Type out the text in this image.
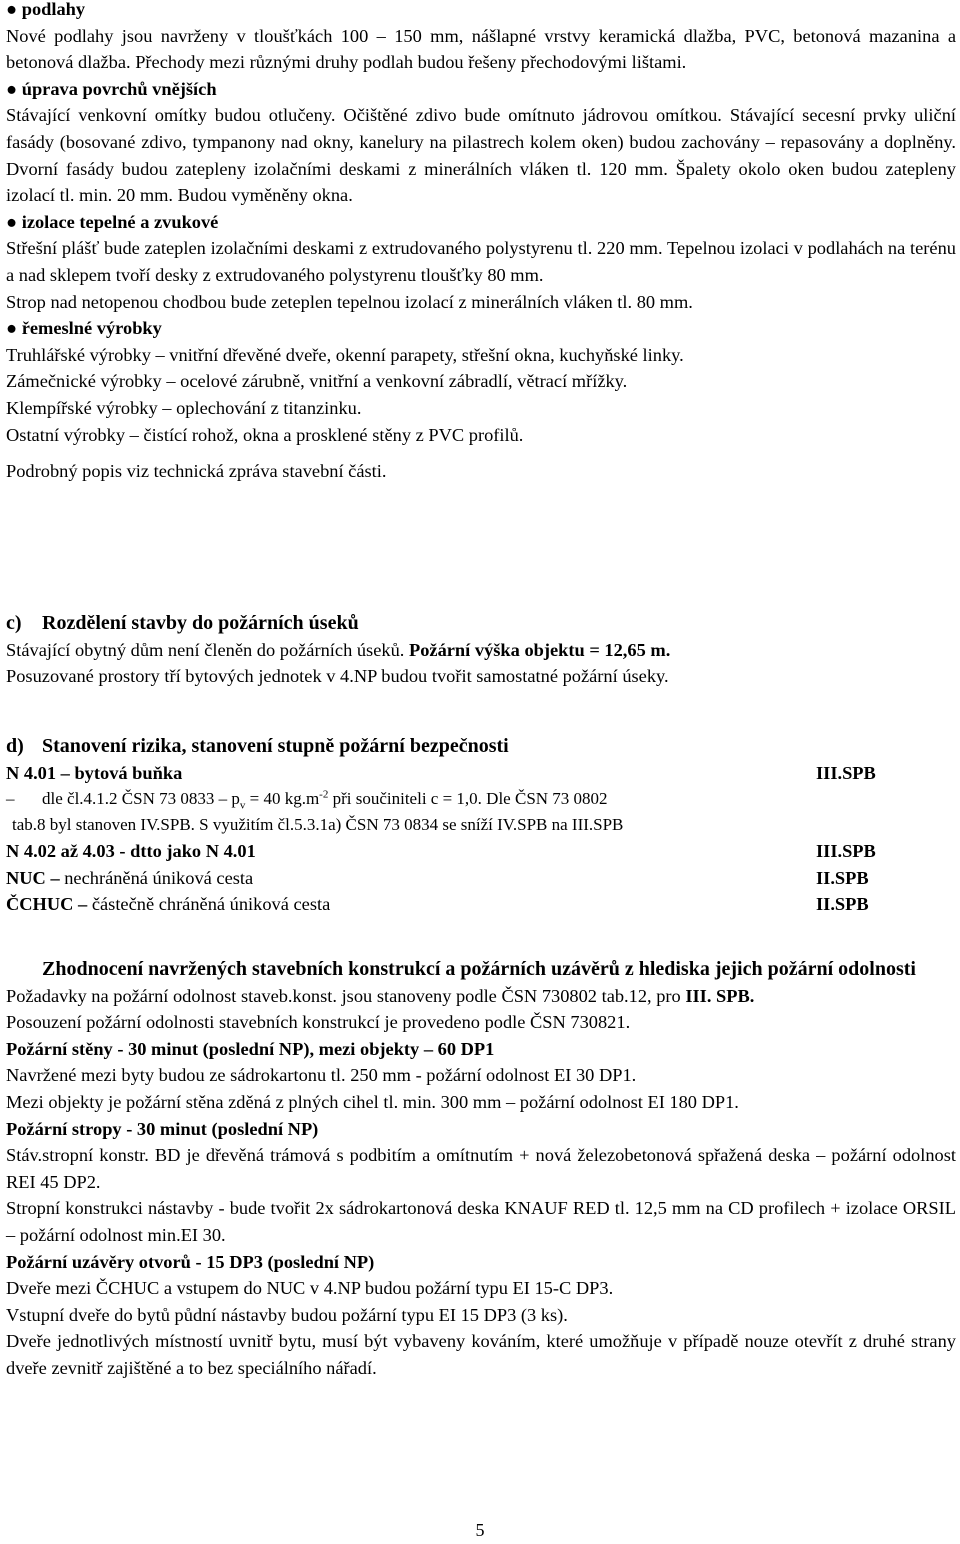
● podlahy

Nové podlahy jsou navrženy v tloušťkách 100 – 150 mm, nášlapné vrstvy keramická dlažba, PVC, betonová mazanina a betonová dlažba. Přechody mezi různými druhy podlah budou řešeny přechodovými lištami.

● úprava povrchů vnějších

Stávající venkovní omítky budou otlučeny. Očištěné zdivo bude omítnuto jádrovou omítkou. Stávající secesní prvky uliční fasády (bosované zdivo, tympanony nad okny, kanelury na pilastrech kolem oken) budou zachovány – repasovány a doplněny. Dvorní fasády budou zatepleny izolačními deskami z minerálních vláken tl. 120 mm. Špalety okolo oken budou zatepleny izolací tl. min. 20 mm. Budou vyměněny okna.

● izolace tepelné a zvukové

Střešní plášť bude zateplen izolačními deskami z extrudovaného polystyrenu tl. 220 mm. Tepelnou izolaci v podlahách na terénu a nad sklepem tvoří desky z extrudovaného polystyrenu tloušťky 80 mm.

Strop nad netopenou chodbou bude zeteplen tepelnou izolací z minerálních vláken tl. 80 mm.

● řemeslné výrobky

Truhlářské výrobky – vnitřní dřevěné dveře, okenní parapety, střešní okna, kuchyňské linky.

Zámečnické výrobky – ocelové zárubně, vnitřní a venkovní zábradlí, větrací mřížky.

Klempířské výrobky – oplechování z titanzinku.

Ostatní výrobky – čistící rohož, okna a prosklené stěny z PVC profilů.

Podrobný popis viz technická zpráva stavební části.

c) Rozdělení stavby do požárních úseků

Stávající obytný dům není členěn do požárních úseků. Požární výška objektu = 12,65 m.

Posuzované prostory tří bytových jednotek v 4.NP budou tvořit samostatné požární úseky.

d) Stanovení rizika, stanovení stupně požární bezpečnosti

N 4.01 – bytová buňka	III.SPB
–	dle čl.4.1.2 ČSN 73 $0833 - p_v = 40$ $kg.m^{-2}$ při součiniteli c = 1,0. Dle ČSN 73 0802

tab.8 byl stanoven IV.SPB. S využitím čl.5.3.1a) ČSN 73 0834 se sníží IV.SPB na III.SPB

N 4.02 až 4.03 - dtto jako N 4.01	III.SPB
NUC – nechráněná úniková cesta	II.SPB
ČCHUC – částečně chráněná úniková cesta	II.SPB

Zhodnocení navržených stavebních konstrukcí a požárních uzávěrů z hlediska jejich požární odolnosti

Požadavky na požární odolnost staveb.konst. jsou stanoveny podle ČSN 730802 tab.12, pro III. SPB.

Posouzení požární odolnosti stavebních konstrukcí je provedeno podle ČSN 730821.

Požární stěny - 30 minut (poslední NP), mezi objekty – 60 DP1

Navržené mezi byty budou ze sádrokartonu tl. 250 mm - požární odolnost EI 30 DP1.

Mezi objekty je požární stěna zděná z plných cihel tl. min. 300 mm – požární odolnost EI 180 DP1.

Požární stropy - 30 minut (poslední NP)

Stáv.stropní konstr. BD je dřevěná trámová s podbitím a omítnutím + nová železobetonová spřažená deska – požární odolnost REI 45 DP2.

Stropní konstrukci nástavby - bude tvořit 2x sádrokartonová deska KNAUF RED tl. 12,5 mm na CD profilech + izolace ORSIL – požární odolnost min.EI 30.

Požární uzávěry otvorů - 15 DP3 (poslední NP)

Dveře mezi ČCHUC a vstupem do NUC v 4.NP budou požární typu EI 15-C DP3.

Vstupní dveře do bytů půdní nástavby budou požární typu EI 15 DP3 (3 ks).

Dveře jednotlivých místností uvnitř bytu, musí být vybaveny kováním, které umožňuje v případě nouze otevřít z druhé strany dveře zevnitř zajištěné a to bez speciálního nářadí.

5
